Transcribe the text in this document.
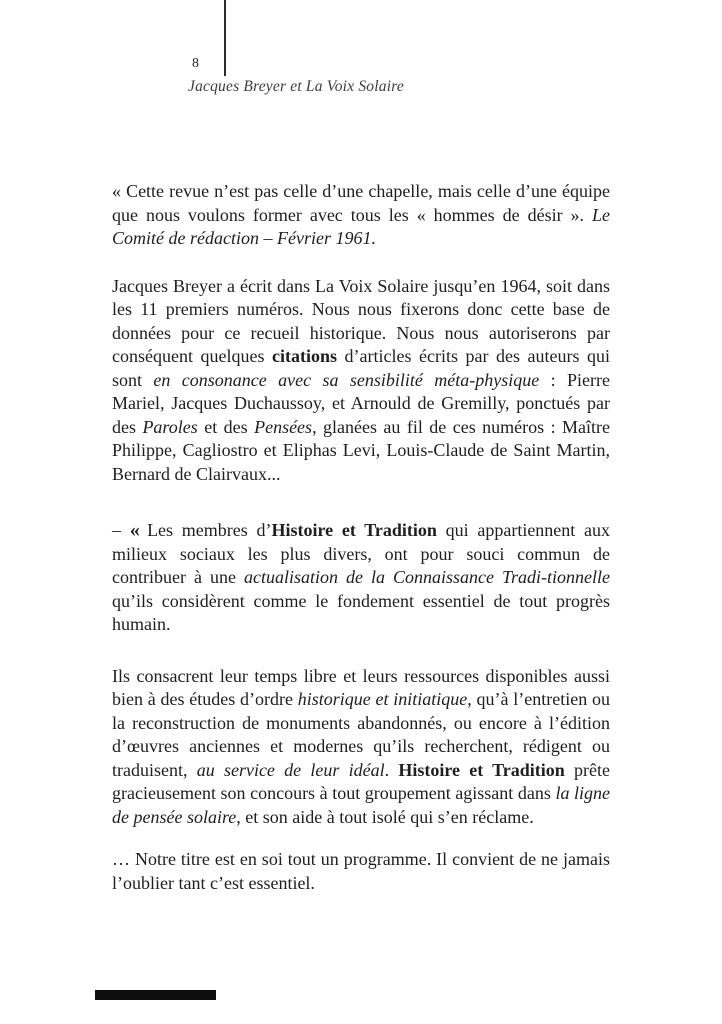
8
Jacques Breyer et La Voix Solaire

« Cette revue n’est pas celle d’une chapelle, mais celle d’une équipe que nous voulons former avec tous les « hommes de désir ». Le Comité de rédaction – Février 1961.

Jacques Breyer a écrit dans La Voix Solaire jusqu’en 1964, soit dans les 11 premiers numéros. Nous nous fixerons donc cette base de données pour ce recueil historique. Nous nous autoriserons par conséquent quelques citations d’articles écrits par des auteurs qui sont en consonance avec sa sensibilité méta-physique : Pierre Mariel, Jacques Duchaussoy, et Arnould de Gremilly, ponctués par des Paroles et des Pensées, glanées au fil de ces numéros : Maître Philippe, Cagliostro et Eliphas Levi, Louis-Claude de Saint Martin, Bernard de Clairvaux...

– « Les membres d’Histoire et Tradition qui appartiennent aux milieux sociaux les plus divers, ont pour souci commun de contribuer à une actualisation de la Connaissance Tradi-tionnelle qu’ils considèrent comme le fondement essentiel de tout progrès humain.

Ils consacrent leur temps libre et leurs ressources disponibles aussi bien à des études d’ordre historique et initiatique, qu’à l’entretien ou la reconstruction de monuments abandonnés, ou encore à l’édition d’œuvres anciennes et modernes qu’ils recherchent, rédigent ou traduisent, au service de leur idéal. Histoire et Tradition prête gracieusement son concours à tout groupement agissant dans la ligne de pensée solaire, et son aide à tout isolé qui s’en réclame.

… Notre titre est en soi tout un programme. Il convient de ne jamais l’oublier tant c’est essentiel.
